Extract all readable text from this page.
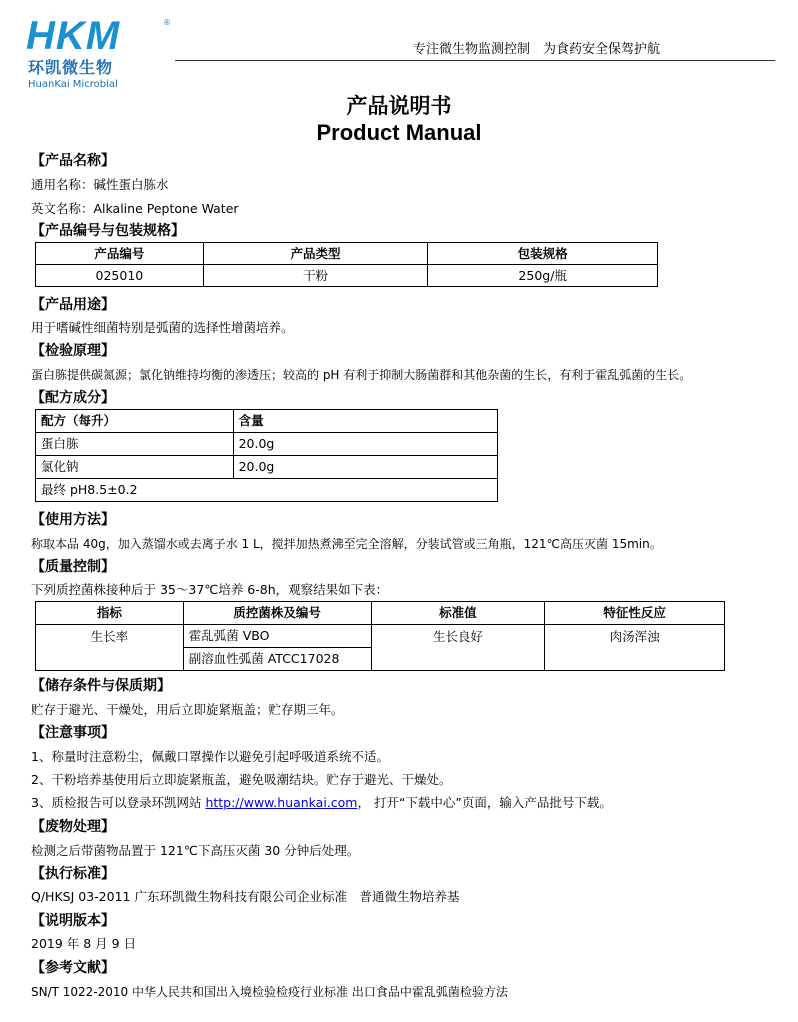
HKM	®
环凯微生物
HuanKai Microbial
专注微生物监测控制　为食药安全保驾护航
产品说明书
Product Manual
【产品名称】
通用名称：碱性蛋白胨水
英文名称：Alkaline Peptone Water
【产品编号与包装规格】
产品编号	产品类型	包装规格
025010	干粉	250g/瓶
【产品用途】
用于嗜碱性细菌特别是弧菌的选择性增菌培养。
【检验原理】
蛋白胨提供碳氮源；氯化钠维持均衡的渗透压；较高的 pH 有利于抑制大肠菌群和其他杂菌的生长，有利于霍乱弧菌的生长。
【配方成分】
配方（每升）	含量
蛋白胨	20.0g
氯化钠	20.0g
最终 pH8.5±0.2	
【使用方法】
称取本品 40g，加入蒸馏水或去离子水 1 L，搅拌加热煮沸至完全溶解，分装试管或三角瓶，121℃高压灭菌 15min。
【质量控制】
下列质控菌株接种后于 35～37℃培养 6-8h，观察结果如下表：
指标	质控菌株及编号	标准值	特征性反应
生长率	霍乱弧菌 VBO	生长良好	肉汤浑浊
	副溶血性弧菌 ATCC17028		
【储存条件与保质期】
贮存于避光、干燥处，用后立即旋紧瓶盖；贮存期三年。
【注意事项】
1、称量时注意粉尘，佩戴口罩操作以避免引起呼吸道系统不适。
2、干粉培养基使用后立即旋紧瓶盖，避免吸潮结块。贮存于避光、干燥处。
3、质检报告可以登录环凯网站 http://www.huankai.com， 打开“下载中心”页面，输入产品批号下载。
【废物处理】
检测之后带菌物品置于 121℃下高压灭菌 30 分钟后处理。
【执行标准】
Q/HKSJ 03-2011 广东环凯微生物科技有限公司企业标准　普通微生物培养基
【说明版本】
2019 年 8 月 9 日
【参考文献】
SN/T 1022-2010 中华人民共和国出入境检验检疫行业标准 出口食品中霍乱弧菌检验方法
